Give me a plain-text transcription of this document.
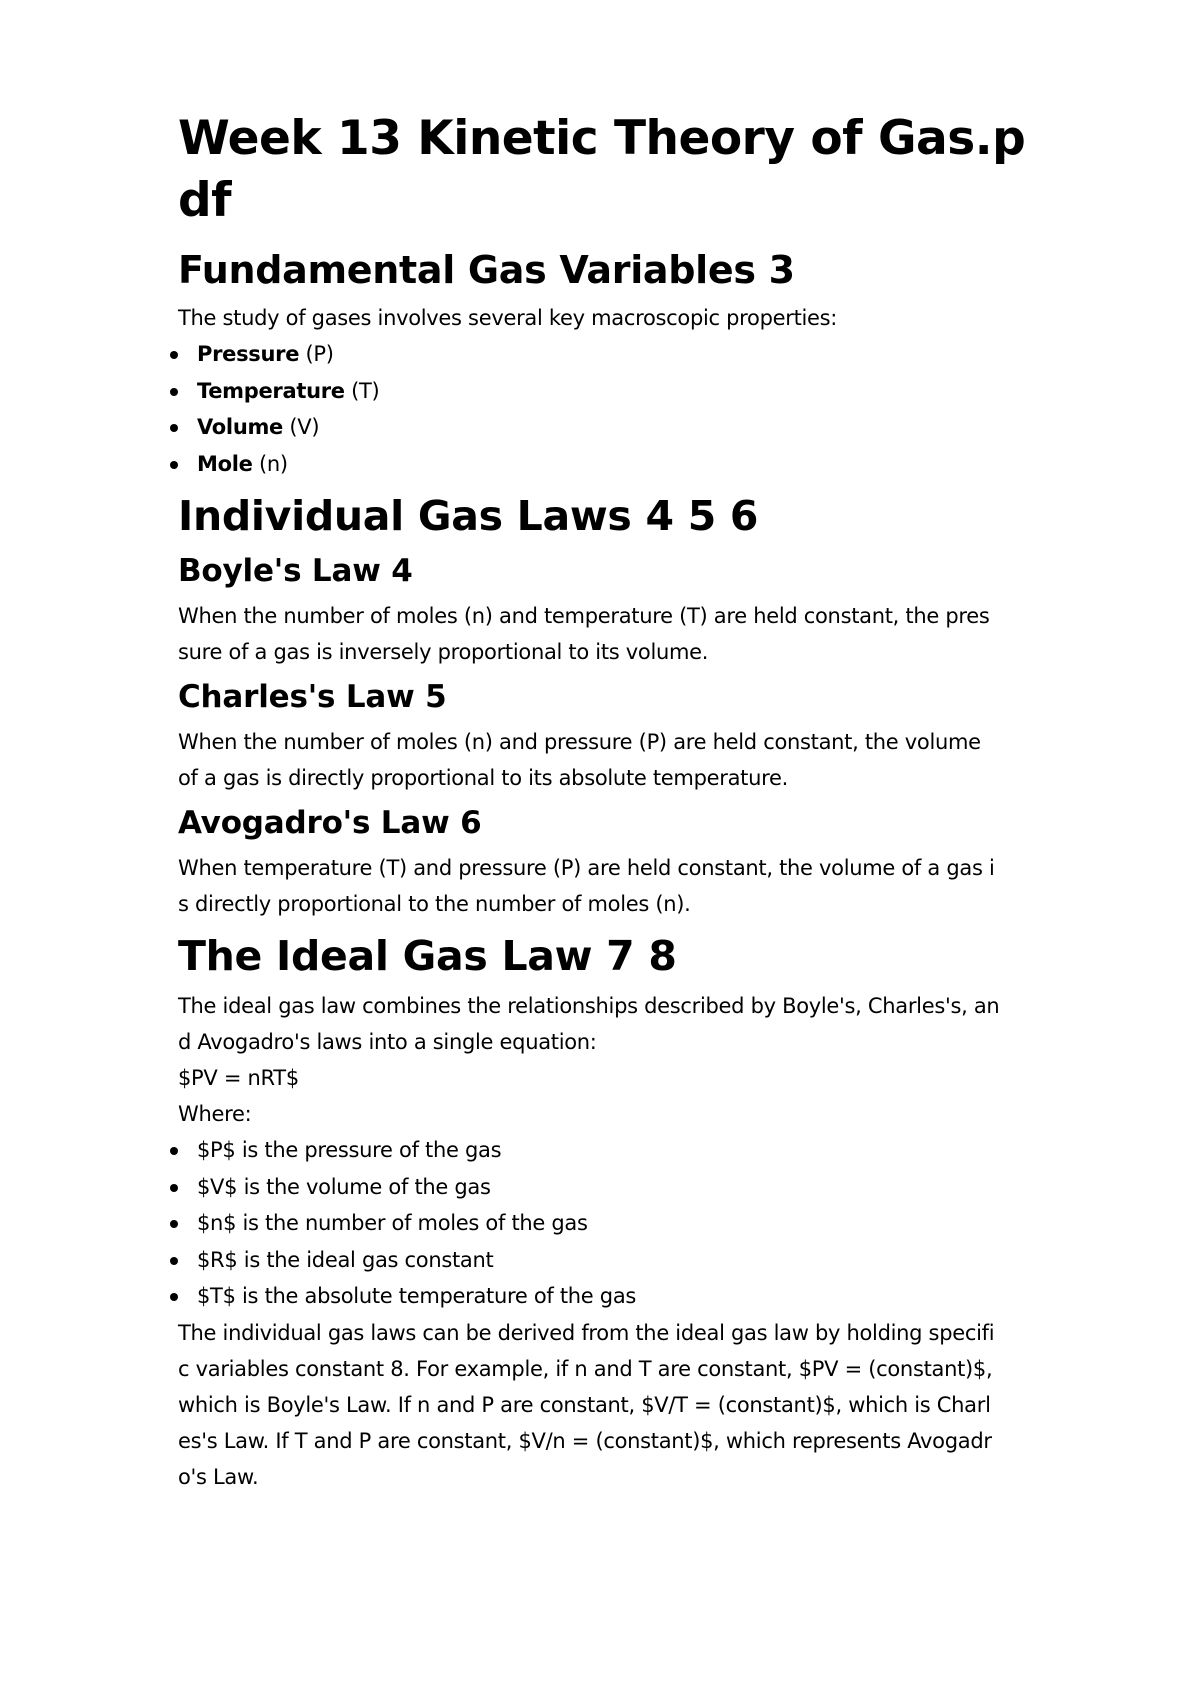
Week 13 Kinetic Theory of Gas.p
df
Fundamental Gas Variables 3

The study of gases involves several key macroscopic properties:

Pressure (P)
Temperature (T)
Volume (V)
Mole (n)
Individual Gas Laws 4 5 6
Boyle's Law 4

When the number of moles (n) and temperature (T) are held constant, the pres
sure of a gas is inversely proportional to its volume.

Charles's Law 5

When the number of moles (n) and pressure (P) are held constant, the volume
of a gas is directly proportional to its absolute temperature.

Avogadro's Law 6

When temperature (T) and pressure (P) are held constant, the volume of a gas i
s directly proportional to the number of moles (n).

The Ideal Gas Law 7 8

The ideal gas law combines the relationships described by Boyle's, Charles's, an
d Avogadro's laws into a single equation:
$PV = nRT$
Where:

$P$ is the pressure of the gas
$V$ is the volume of the gas
$n$ is the number of moles of the gas
$R$ is the ideal gas constant
$T$ is the absolute temperature of the gas

The individual gas laws can be derived from the ideal gas law by holding specifi
c variables constant 8. For example, if n and T are constant, $PV = (constant)$,
which is Boyle's Law. If n and P are constant, $V/T = (constant)$, which is Charl
es's Law. If T and P are constant, $V/n = (constant)$, which represents Avogadr
o's Law.
